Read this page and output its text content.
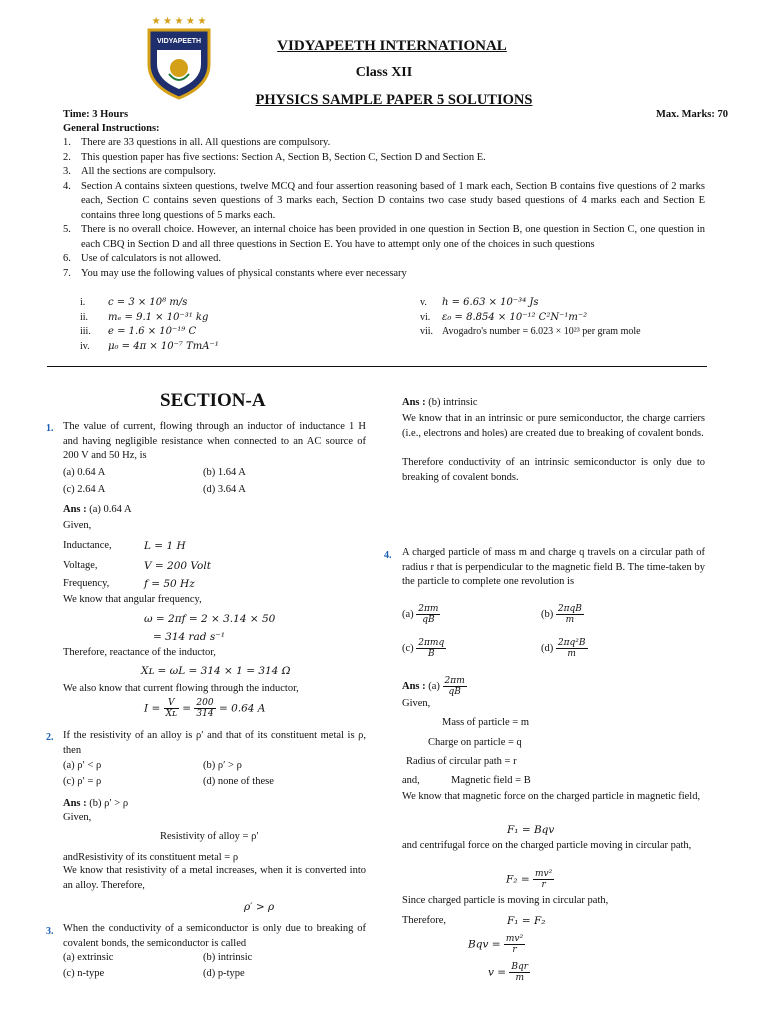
★ ★ ★ ★ ★
VIDYAPEETH	VIDYAPEETH INTERNATIONAL
Class XII
PHYSICS SAMPLE PAPER 5 SOLUTIONS
Time: 3 Hours	Max. Marks: 70
General Instructions:
1. There are 33 questions in all. All questions are compulsory.
2. This question paper has five sections: Section A, Section B, Section C, Section D and Section E.
3. All the sections are compulsory.
4. Section A contains sixteen questions, twelve MCQ and four assertion reasoning based of 1 mark each, Section B contains five questions of 2 marks each, Section C contains seven questions of 3 marks each, Section D contains two case study based questions of 4 marks each and Section E contains three long questions of 5 marks each.
5. There is no overall choice. However, an internal choice has been provided in one question in Section B, one question in Section C, one question in each CBQ in Section D and all three questions in Section E. You have to attempt only one of the choices in such questions
6. Use of calculators is not allowed.
7. You may use the following values of physical constants where ever necessary
i. c = 3 × 10⁸ m/s
ii. mₑ = 9.1 × 10⁻³¹ kg
iii. e = 1.6 × 10⁻¹⁹ C
iv. μ₀ = 4π × 10⁻⁷ TmA⁻¹
v. h = 6.63 × 10⁻³⁴ Js
vi. ε₀ = 8.854 × 10⁻¹² C²N⁻¹m⁻²
vii. Avogadro's number = 6.023 × 10²³ per gram mole
SECTION-A
1. The value of current, flowing through an inductor of inductance 1 H and having negligible resistance when connected to an AC source of 200 V and 50 Hz, is
(a) 0.64 A	(b) 1.64 A
(c) 2.64 A	(d) 3.64 A
Ans : (a) 0.64 A
Given,
Inductance,	L = 1 H
Voltage,	V = 200 Volt
Frequency,	f = 50 Hz
We know that angular frequency,
ω = 2πf = 2 × 3.14 × 50
= 314 rad s⁻¹
Therefore, reactance of the inductor,
Xʟ = ωL = 314 × 1 = 314 Ω
We also know that current flowing through the inductor,
$I = \frac{V}{\text{Xʟ}} = \frac{200}{314} = 0.64$ A
2. If the resistivity of an alloy is ρ′ and that of its constituent metal is ρ, then
(a) ρ′ < ρ	(b) ρ′ > ρ
(c) ρ′ = ρ	(d) none of these
Ans : (b) ρ′ > ρ
Given,
Resistivity of alloy = ρ′
andResistivity of its constituent metal = ρ
We know that resistivity of a metal increases, when it is converted into an alloy. Therefore,
ρ′ > ρ
3. When the conductivity of a semiconductor is only due to breaking of covalent bonds, the semiconductor is called
(a) extrinsic	(b) intrinsic
(c) n-type	(d) p-type
Ans : (b) intrinsic
We know that in an intrinsic or pure semiconductor, the charge carriers (i.e., electrons and holes) are created due to breaking of covalent bonds.
Therefore conductivity of an intrinsic semiconductor is only due to breaking of covalent bonds.
4. A charged particle of mass m and charge q travels on a circular path of radius r that is perpendicular to the magnetic field B. The time-taken by the particle to complete one revolution is
$(a) \frac{2\pi m}{qB}$	$(b) \frac{\text{2πqB}}{m}$
$(c) \frac{\text{2πmq}}{B}$	$(d) \frac{\text{2πq²B}}{m}$
Ans : $(a) \frac{2\pi m}{qB}$
Given,
Mass of particle = m
Charge on particle = q
Radius of circular path = r
and,	Magnetic field = B
We know that magnetic force on the charged particle in magnetic field,
F₁ = Bqv
and centrifugal force on the charged particle moving in circular path,
$F_2 = \frac{\text{mv²}}{r}$
Since charged particle is moving in circular path,
Therefore,	F₁ = F₂
Bqv = $\frac{\text{mv²}}{r}$
$v = \frac{\text{Bqr}}{m}$
